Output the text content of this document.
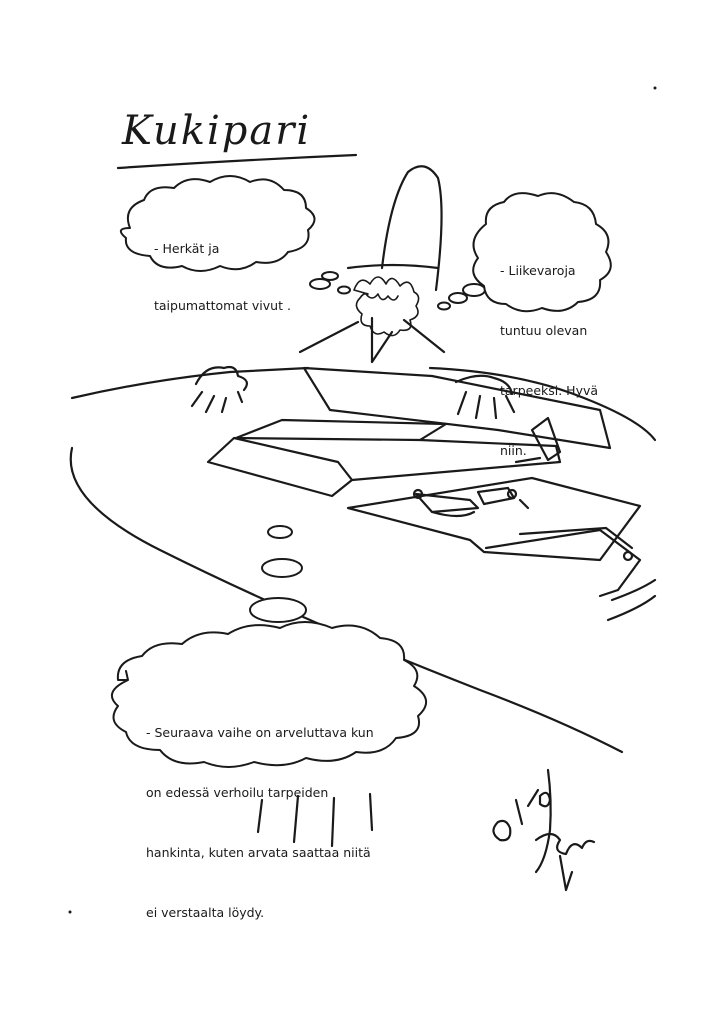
Kukipari

- Herkät ja

taipumattomat vivut .

- Liikevaroja

tuntuu olevan

tarpeeksi. Hyvä

niin.

- Seuraava vaihe on arveluttava kun

on edessä verhoilu tarpeiden

hankinta, kuten arvata saattaa niitä

ei verstaalta löydy.
